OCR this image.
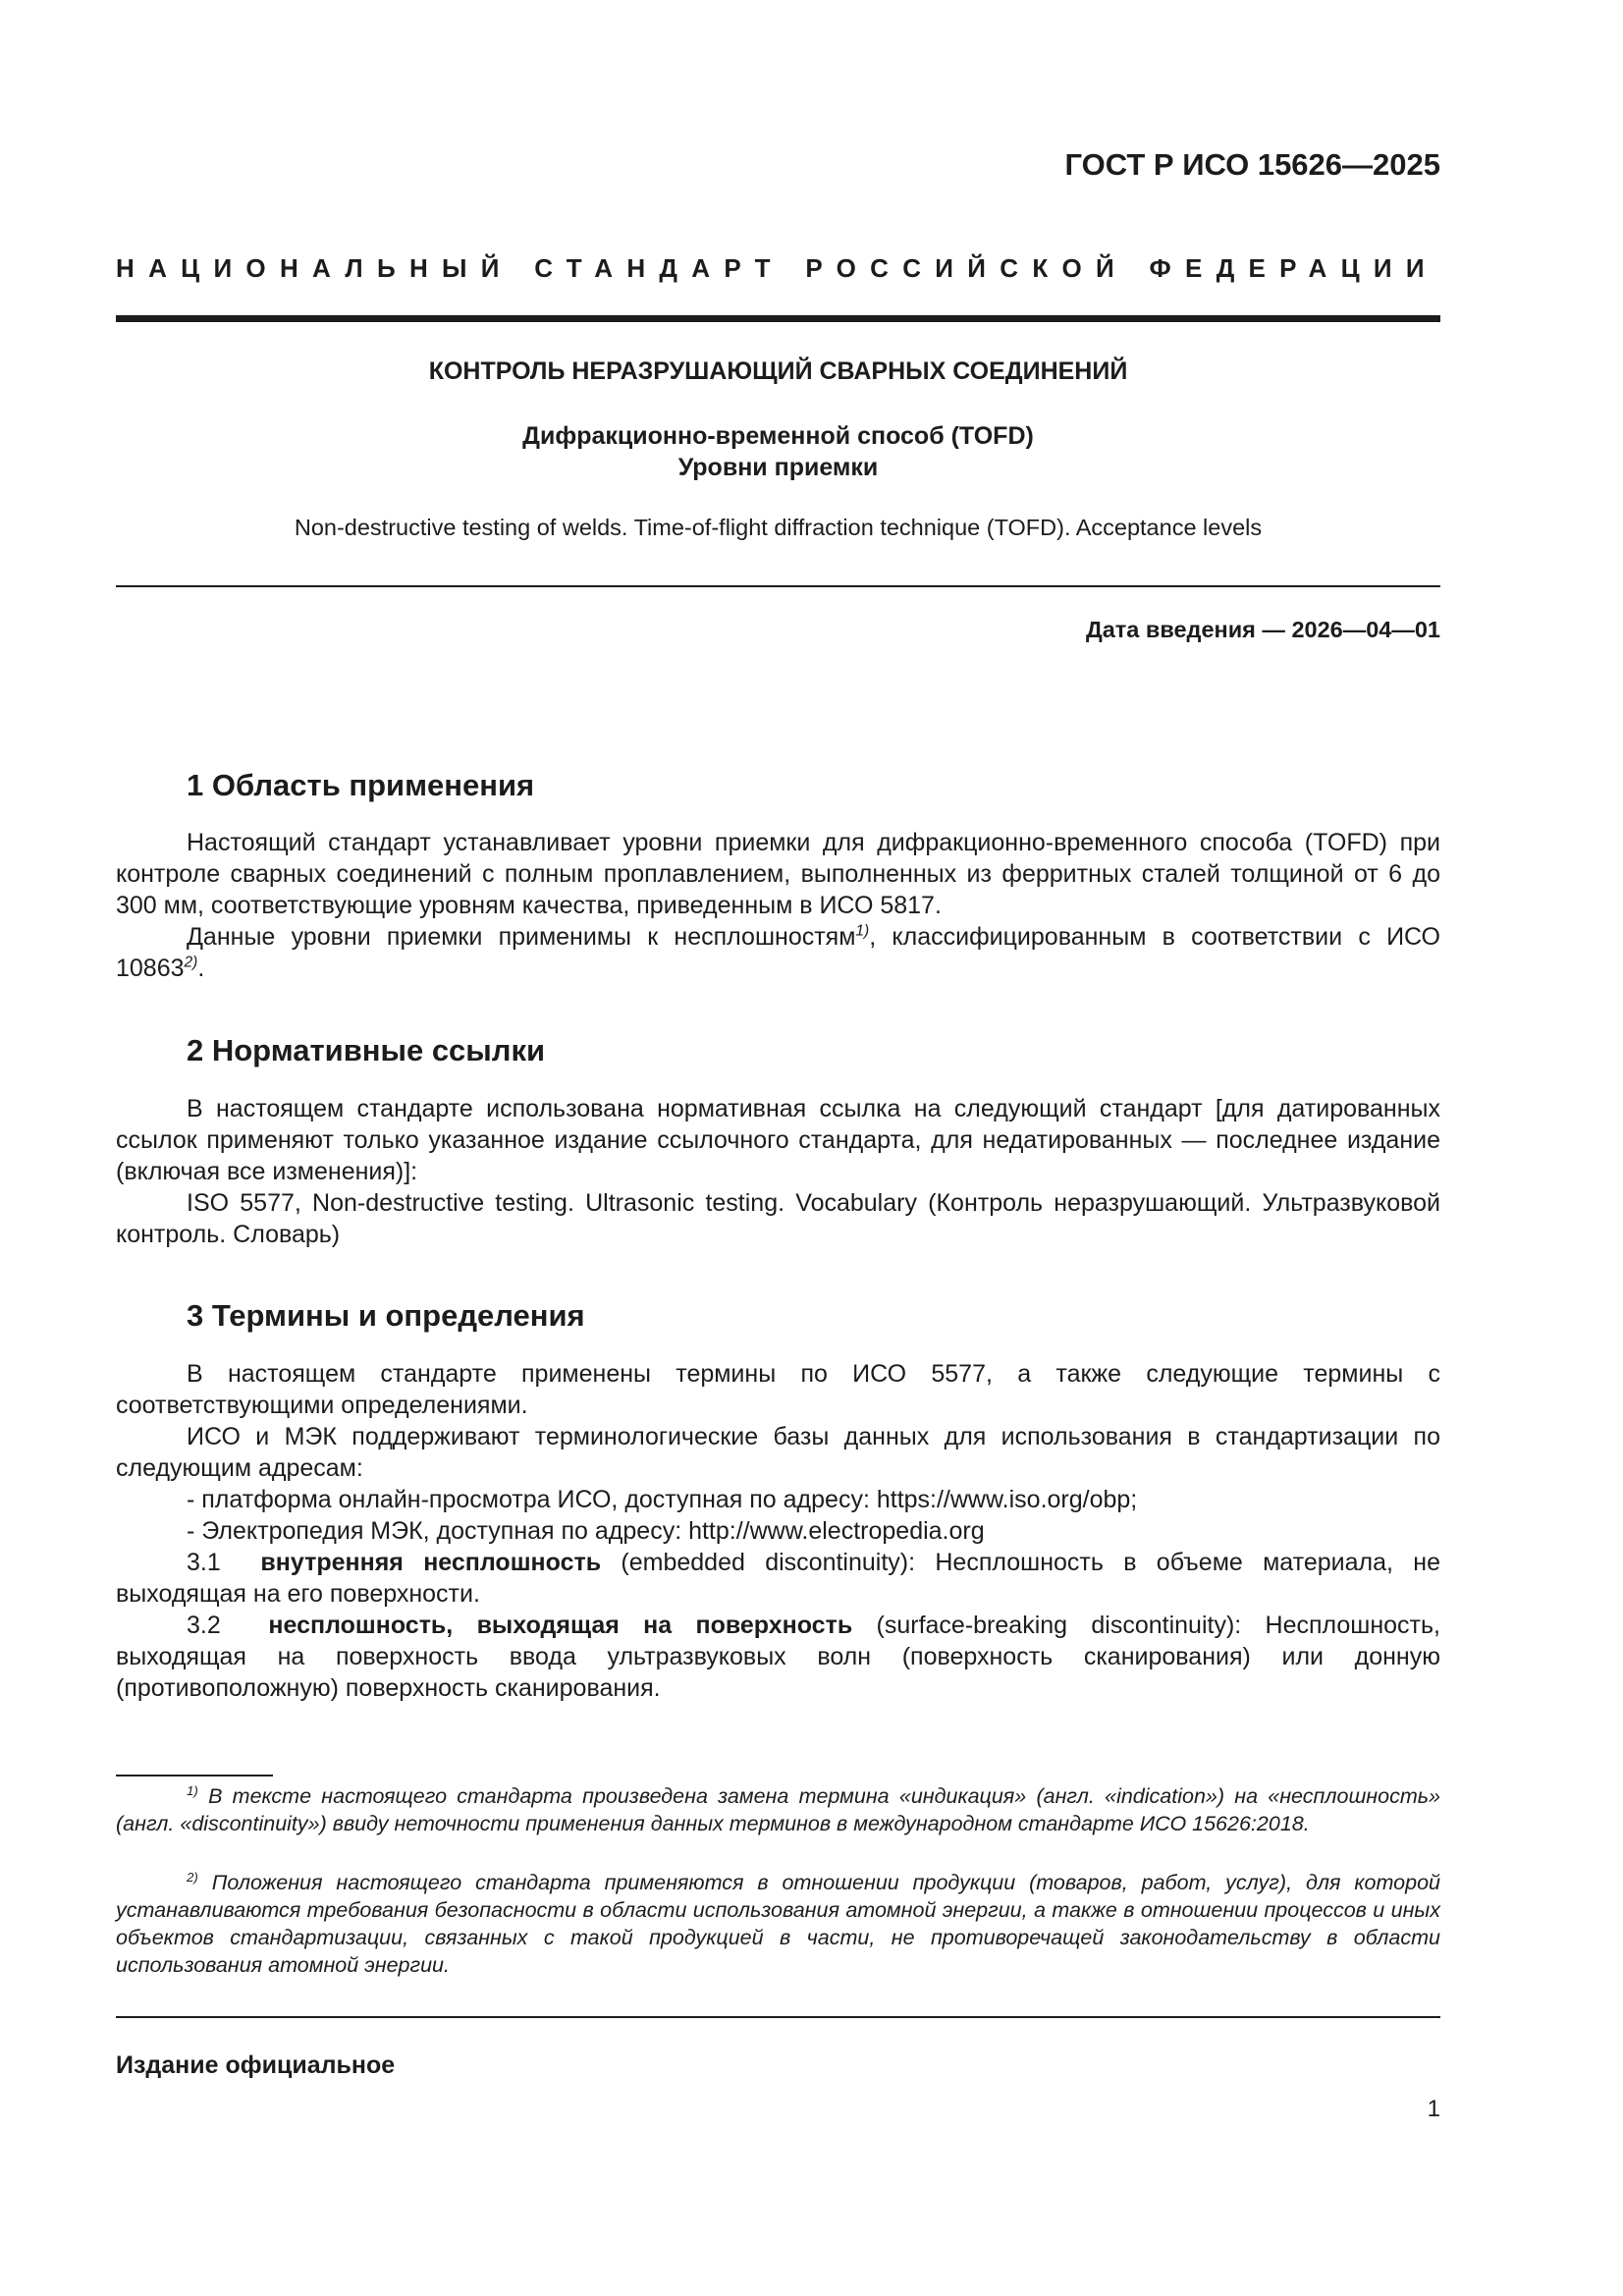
ГОСТ Р ИСО 15626—2025
НАЦИОНАЛЬНЫЙ СТАНДАРТ РОССИЙСКОЙ ФЕДЕРАЦИИ
КОНТРОЛЬ НЕРАЗРУШАЮЩИЙ СВАРНЫХ СОЕДИНЕНИЙ
Дифракционно-временной способ (TOFD)
Уровни приемки
Non-destructive testing of welds. Time-of-flight diffraction technique (TOFD). Acceptance levels
Дата введения — 2026—04—01
1 Область применения

Настоящий стандарт устанавливает уровни приемки для дифракционно-временного способа (TOFD) при контроле сварных соединений с полным проплавлением, выполненных из ферритных сталей толщиной от 6 до 300 мм, соответствующие уровням качества, приведенным в ИСО 5817.

Данные уровни приемки применимы к несплошностям$^{1)}$, классифицированным в соответствии с ИСО 10863$^{2)}$.

2 Нормативные ссылки

В настоящем стандарте использована нормативная ссылка на следующий стандарт [для датированных ссылок применяют только указанное издание ссылочного стандарта, для недатированных — последнее издание (включая все изменения)]:

ISO 5577, Non-destructive testing. Ultrasonic testing. Vocabulary (Контроль неразрушающий. Ультразвуковой контроль. Словарь)

3 Термины и определения

В настоящем стандарте применены термины по ИСО 5577, а также следующие термины с соответствующими определениями.

ИСО и МЭК поддерживают терминологические базы данных для использования в стандартизации по следующим адресам:

- платформа онлайн-просмотра ИСО, доступная по адресу: https://www.iso.org/obp;

- Электропедия МЭК, доступная по адресу: http://www.electropedia.org

3.1 внутренняя несплошность (embedded discontinuity): Несплошность в объеме материала, не выходящая на его поверхности.

3.2 несплошность, выходящая на поверхность (surface-breaking discontinuity): Несплошность, выходящая на поверхность ввода ультразвуковых волн (поверхность сканирования) или донную (противоположную) поверхность сканирования.

$^{1)}$ В тексте настоящего стандарта произведена замена термина «индикация» (англ. «indication») на «несплошность» (англ. «discontinuity») ввиду неточности применения данных терминов в международном стандарте ИСО 15626:2018.

$^{2)}$ Положения настоящего стандарта применяются в отношении продукции (товаров, работ, услуг), для которой устанавливаются требования безопасности в области использования атомной энергии, а также в отношении процессов и иных объектов стандартизации, связанных с такой продукцией в части, не противоречащей законодательству в области использования атомной энергии.

Издание официальное
1
